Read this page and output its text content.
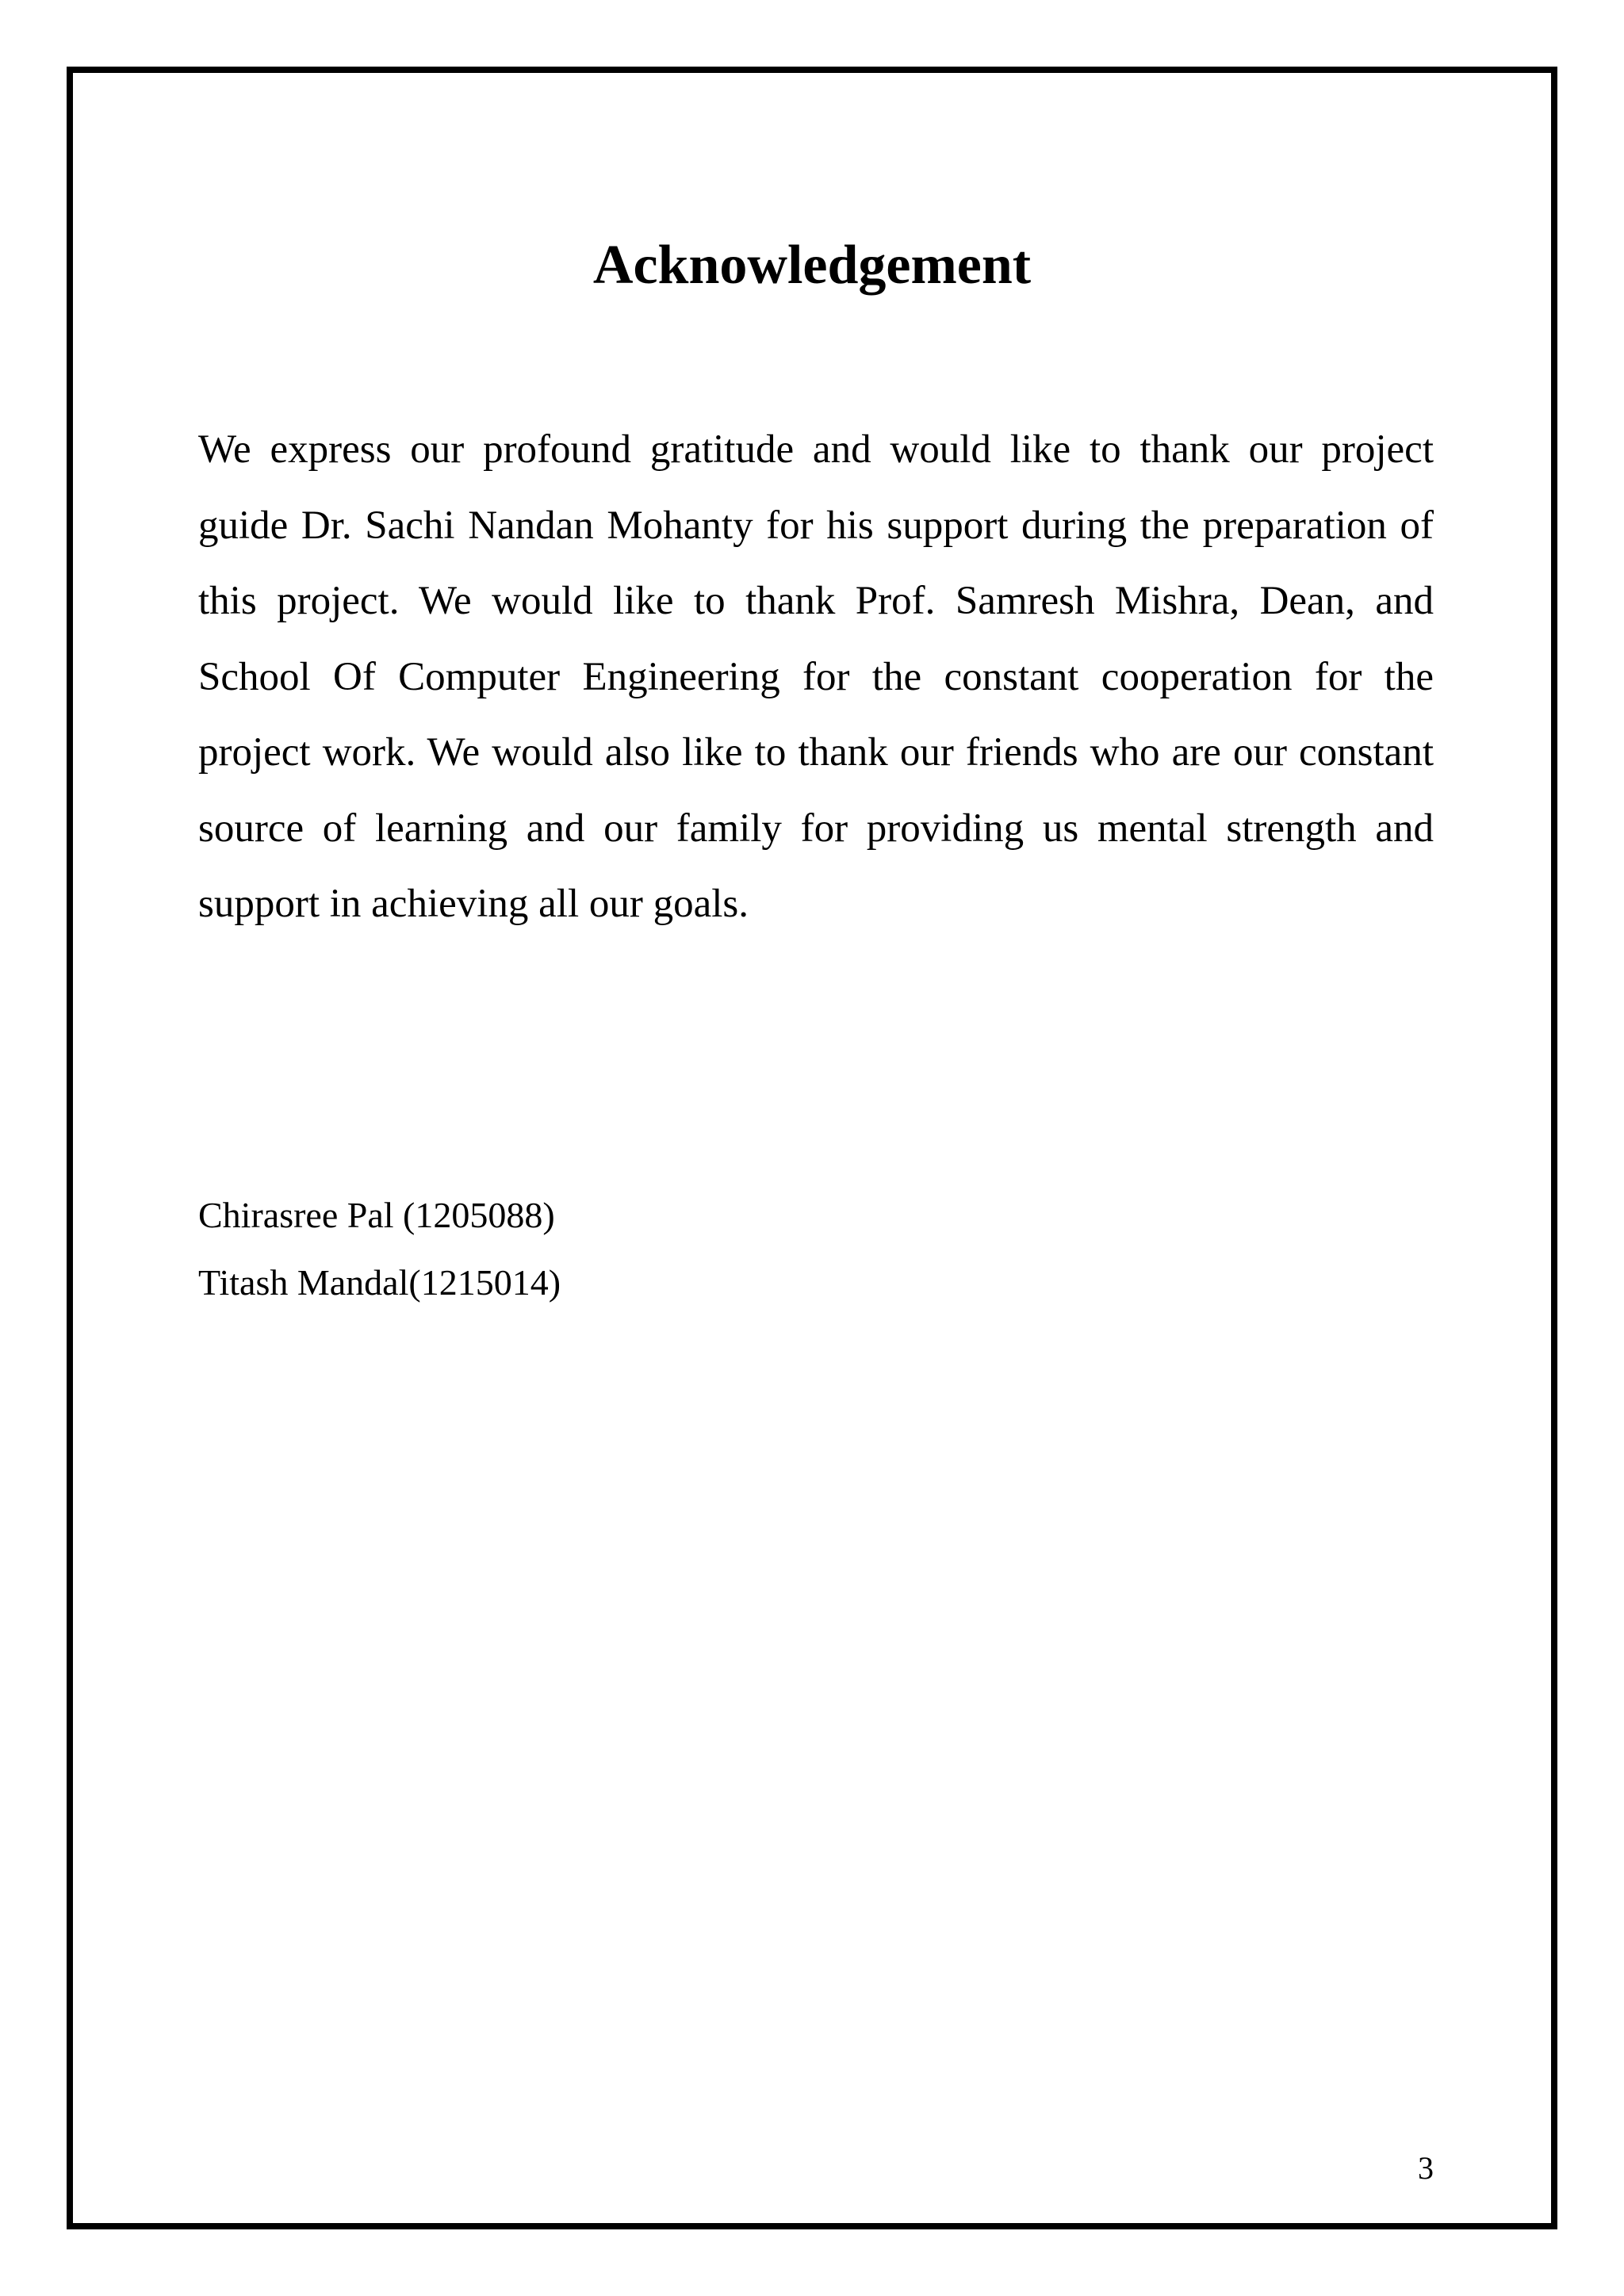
Acknowledgement

We express our profound gratitude and would like to thank our project guide Dr. Sachi Nandan Mohanty for his support during the preparation of this project. We would like to thank Prof. Samresh Mishra, Dean, and School Of Computer Engineering for the constant cooperation for the project work. We would also like to thank our friends who are our constant source of learning and our family for providing us mental strength and support in achieving all our goals.

Chirasree Pal (1205088)
Titash Mandal(1215014)
3
